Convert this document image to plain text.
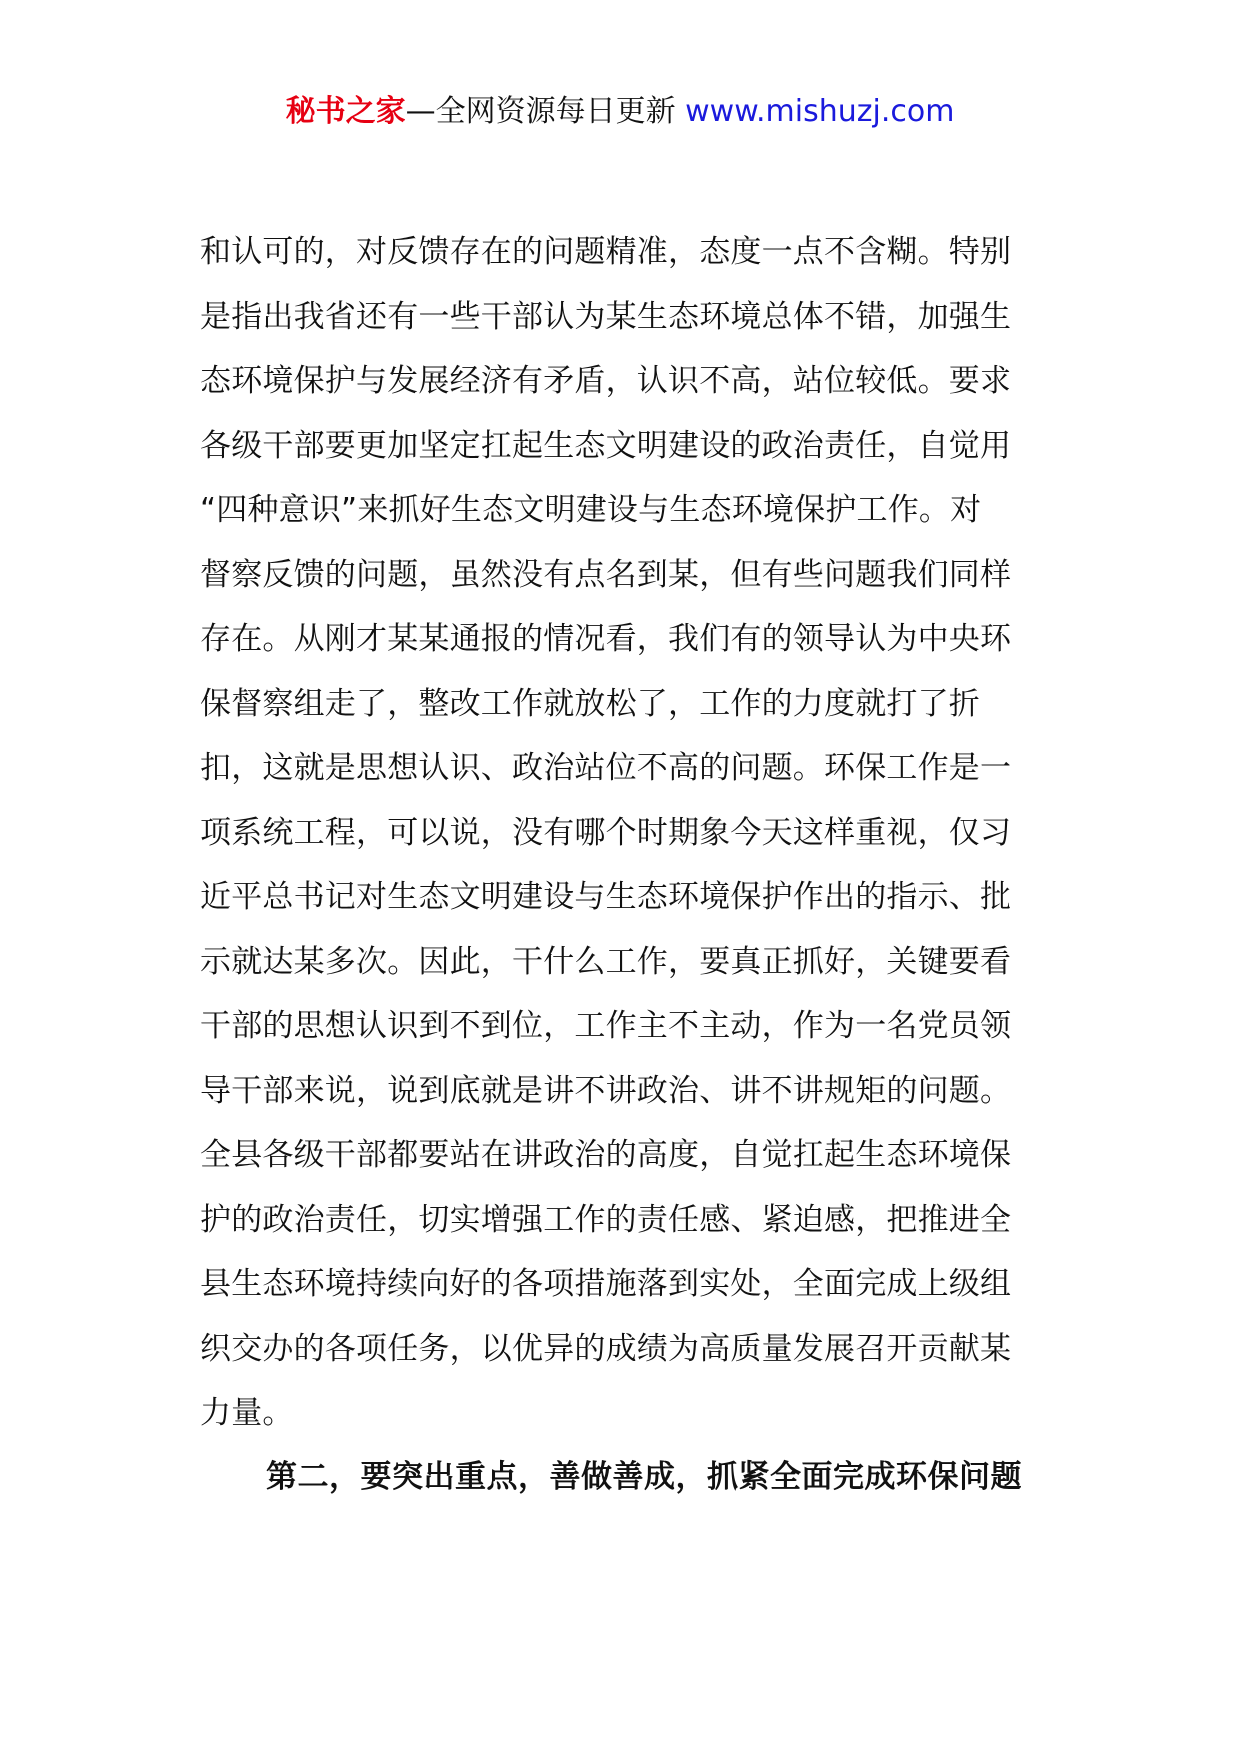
秘书之家—全网资源每日更新 www.mishuzj.com

和认可的，对反馈存在的问题精准，态度一点不含糊。特别

是指出我省还有一些干部认为某生态环境总体不错，加强生

态环境保护与发展经济有矛盾，认识不高，站位较低。要求

各级干部要更加坚定扛起生态文明建设的政治责任，自觉用

“四种意识”来抓好生态文明建设与生态环境保护工作。对

督察反馈的问题，虽然没有点名到某，但有些问题我们同样

存在。从刚才某某通报的情况看，我们有的领导认为中央环

保督察组走了，整改工作就放松了，工作的力度就打了折

扣，这就是思想认识、政治站位不高的问题。环保工作是一

项系统工程，可以说，没有哪个时期象今天这样重视，仅习

近平总书记对生态文明建设与生态环境保护作出的指示、批

示就达某多次。因此，干什么工作，要真正抓好，关键要看

干部的思想认识到不到位，工作主不主动，作为一名党员领

导干部来说，说到底就是讲不讲政治、讲不讲规矩的问题。

全县各级干部都要站在讲政治的高度，自觉扛起生态环境保

护的政治责任，切实增强工作的责任感、紧迫感，把推进全

县生态环境持续向好的各项措施落到实处，全面完成上级组

织交办的各项任务，以优异的成绩为高质量发展召开贡献某

力量。

第二，要突出重点，善做善成，抓紧全面完成环保问题
